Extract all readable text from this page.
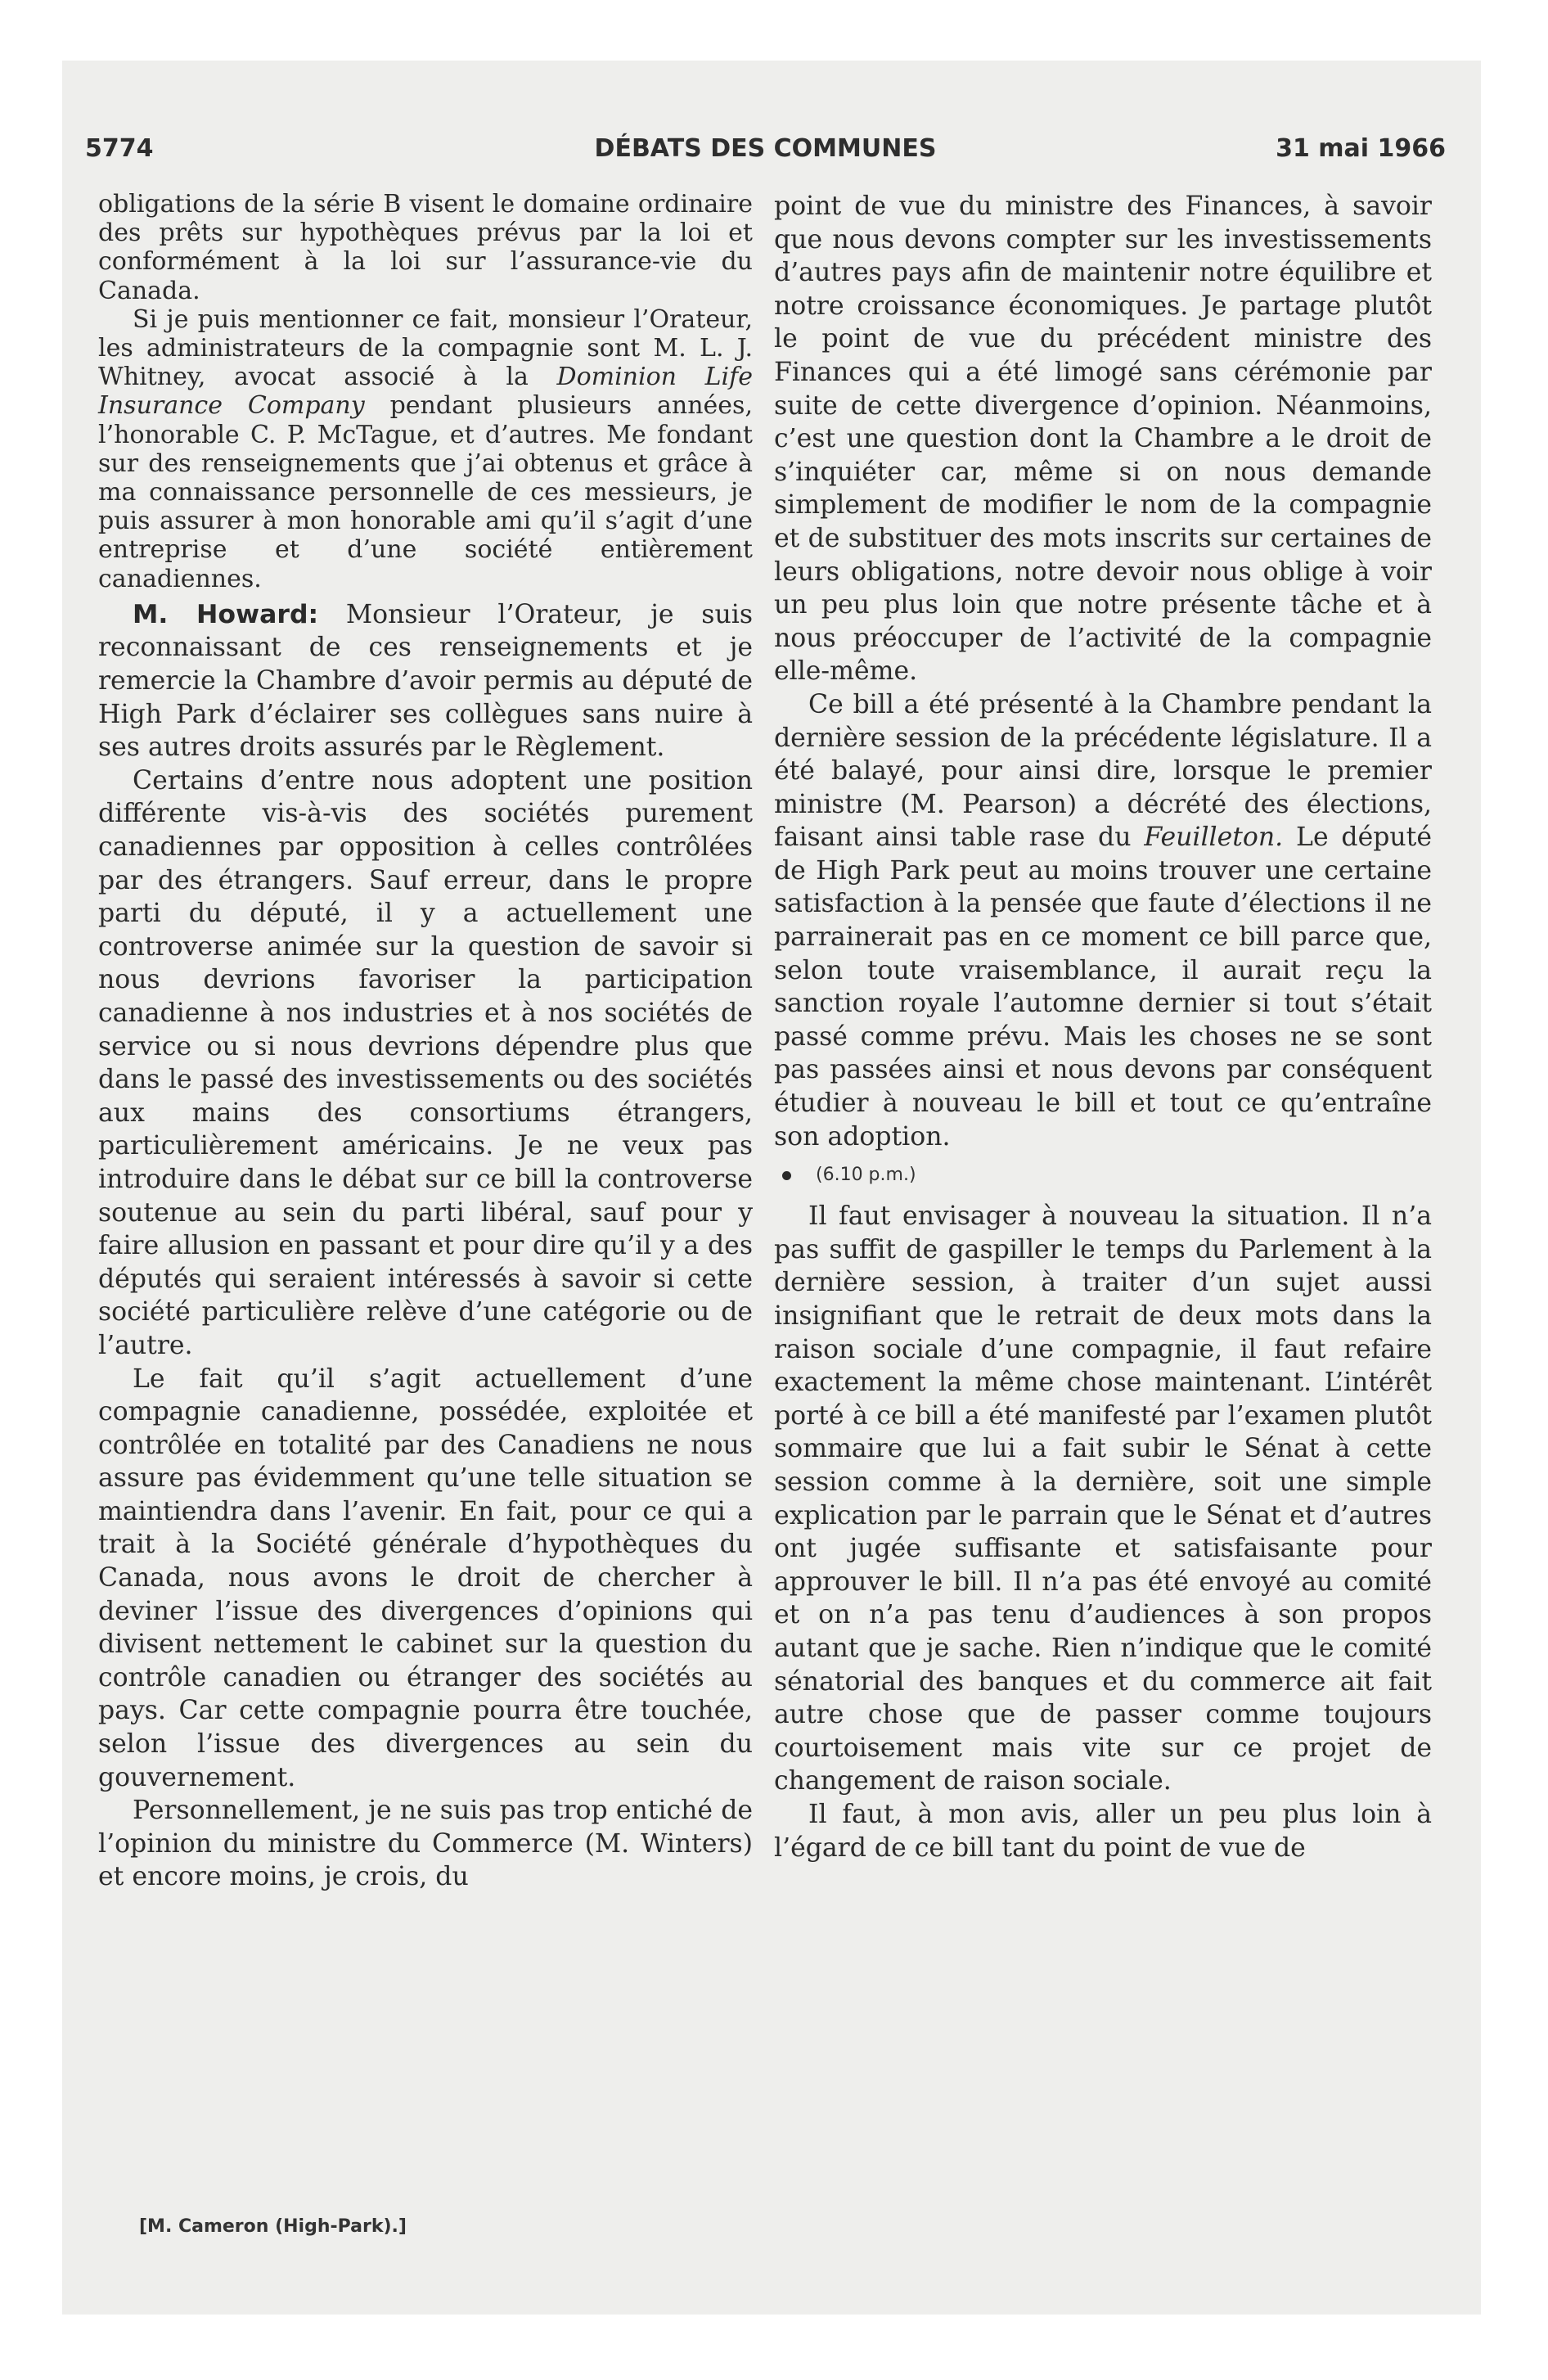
5774	DÉBATS DES COMMUNES	31 mai 1966

obligations de la série B visent le domaine ordinaire des prêts sur hypothèques prévus par la loi et conformément à la loi sur l’assurance-vie du Canada.

Si je puis mentionner ce fait, monsieur l’Orateur, les administrateurs de la compagnie sont M. L. J. Whitney, avocat associé à la Dominion Life Insurance Company pendant plusieurs années, l’honorable C. P. McTague, et d’autres. Me fondant sur des renseignements que j’ai obtenus et grâce à ma connaissance personnelle de ces messieurs, je puis assurer à mon honorable ami qu’il s’agit d’une entreprise et d’une société entièrement canadiennes.

M. Howard: Monsieur l’Orateur, je suis reconnaissant de ces renseignements et je remercie la Chambre d’avoir permis au député de High Park d’éclairer ses collègues sans nuire à ses autres droits assurés par le Règlement.

Certains d’entre nous adoptent une position différente vis-à-vis des sociétés purement canadiennes par opposition à celles contrôlées par des étrangers. Sauf erreur, dans le propre parti du député, il y a actuellement une controverse animée sur la question de savoir si nous devrions favoriser la participation canadienne à nos industries et à nos sociétés de service ou si nous devrions dépendre plus que dans le passé des investissements ou des sociétés aux mains des consortiums étrangers, particulièrement américains. Je ne veux pas introduire dans le débat sur ce bill la controverse soutenue au sein du parti libéral, sauf pour y faire allusion en passant et pour dire qu’il y a des députés qui seraient intéressés à savoir si cette société particulière relève d’une catégorie ou de l’autre.

Le fait qu’il s’agit actuellement d’une compagnie canadienne, possédée, exploitée et contrôlée en totalité par des Canadiens ne nous assure pas évidemment qu’une telle situation se maintiendra dans l’avenir. En fait, pour ce qui a trait à la Société générale d’hypothèques du Canada, nous avons le droit de chercher à deviner l’issue des divergences d’opinions qui divisent nettement le cabinet sur la question du contrôle canadien ou étranger des sociétés au pays. Car cette compagnie pourra être touchée, selon l’issue des divergences au sein du gouvernement.

Personnellement, je ne suis pas trop entiché de l’opinion du ministre du Commerce (M. Winters) et encore moins, je crois, du

point de vue du ministre des Finances, à savoir que nous devons compter sur les investissements d’autres pays afin de maintenir notre équilibre et notre croissance économiques. Je partage plutôt le point de vue du précédent ministre des Finances qui a été limogé sans cérémonie par suite de cette divergence d’opinion. Néanmoins, c’est une question dont la Chambre a le droit de s’inquiéter car, même si on nous demande simplement de modifier le nom de la compagnie et de substituer des mots inscrits sur certaines de leurs obligations, notre devoir nous oblige à voir un peu plus loin que notre présente tâche et à nous préoccuper de l’activité de la compagnie elle-même.

Ce bill a été présenté à la Chambre pendant la dernière session de la précédente législature. Il a été balayé, pour ainsi dire, lorsque le premier ministre (M. Pearson) a décrété des élections, faisant ainsi table rase du Feuilleton. Le député de High Park peut au moins trouver une certaine satisfaction à la pensée que faute d’élections il ne parrainerait pas en ce moment ce bill parce que, selon toute vraisemblance, il aurait reçu la sanction royale l’automne dernier si tout s’était passé comme prévu. Mais les choses ne se sont pas passées ainsi et nous devons par conséquent étudier à nouveau le bill et tout ce qu’entraîne son adoption.

(6.10 p.m.)

Il faut envisager à nouveau la situation. Il n’a pas suffit de gaspiller le temps du Parlement à la dernière session, à traiter d’un sujet aussi insignifiant que le retrait de deux mots dans la raison sociale d’une compagnie, il faut refaire exactement la même chose maintenant. L’intérêt porté à ce bill a été manifesté par l’examen plutôt sommaire que lui a fait subir le Sénat à cette session comme à la dernière, soit une simple explication par le parrain que le Sénat et d’autres ont jugée suffisante et satisfaisante pour approuver le bill. Il n’a pas été envoyé au comité et on n’a pas tenu d’audiences à son propos autant que je sache. Rien n’indique que le comité sénatorial des banques et du commerce ait fait autre chose que de passer comme toujours courtoisement mais vite sur ce projet de changement de raison sociale.

Il faut, à mon avis, aller un peu plus loin à l’égard de ce bill tant du point de vue de

[M. Cameron (High-Park).]
